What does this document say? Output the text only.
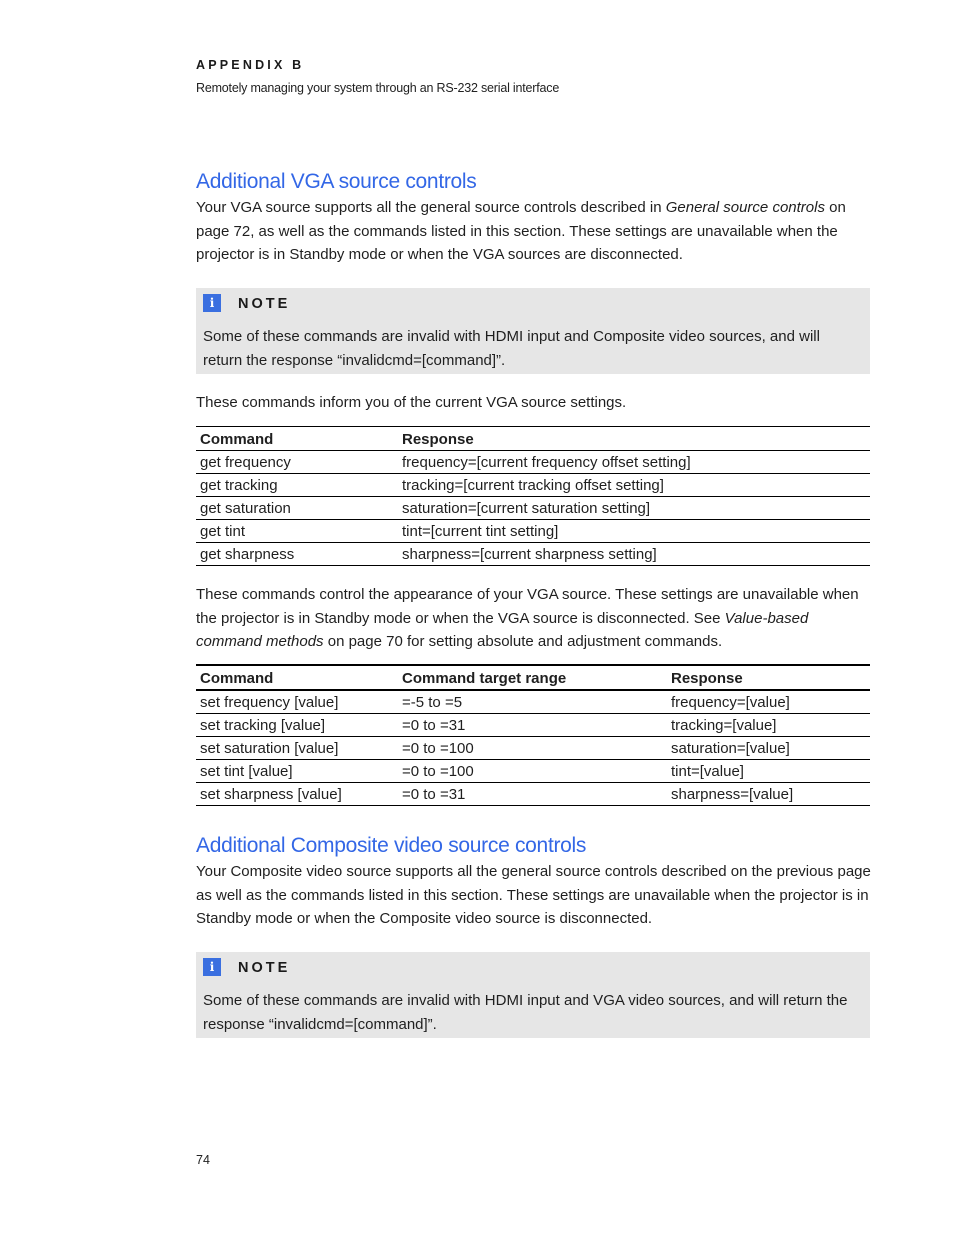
APPENDIX B
Remotely managing your system through an RS-232 serial interface
Additional VGA source controls

Your VGA source supports all the general source controls described in General source controls on page 72, as well as the commands listed in this section. These settings are unavailable when the projector is in Standby mode or when the VGA sources are disconnected.

i	NOTE
Some of these commands are invalid with HDMI input and Composite video sources, and will return the response “invalidcmd=[command]”.

These commands inform you of the current VGA source settings.

Command	Response
get frequency	frequency=[current frequency offset setting]
get tracking	tracking=[current tracking offset setting]
get saturation	saturation=[current saturation setting]
get tint	tint=[current tint setting]
get sharpness	sharpness=[current sharpness setting]

These commands control the appearance of your VGA source. These settings are unavailable when the projector is in Standby mode or when the VGA source is disconnected. See Value-based command methods on page 70 for setting absolute and adjustment commands.

Command	Command target range	Response
set frequency [value]	=-5 to =5	frequency=[value]
set tracking [value]	=0 to =31	tracking=[value]
set saturation [value]	=0 to =100	saturation=[value]
set tint [value]	=0 to =100	tint=[value]
set sharpness [value]	=0 to =31	sharpness=[value]
Additional Composite video source controls

Your Composite video source supports all the general source controls described on the previous page as well as the commands listed in this section. These settings are unavailable when the projector is in Standby mode or when the Composite video source is disconnected.

i	NOTE
Some of these commands are invalid with HDMI input and VGA video sources, and will return the response “invalidcmd=[command]”.
74
